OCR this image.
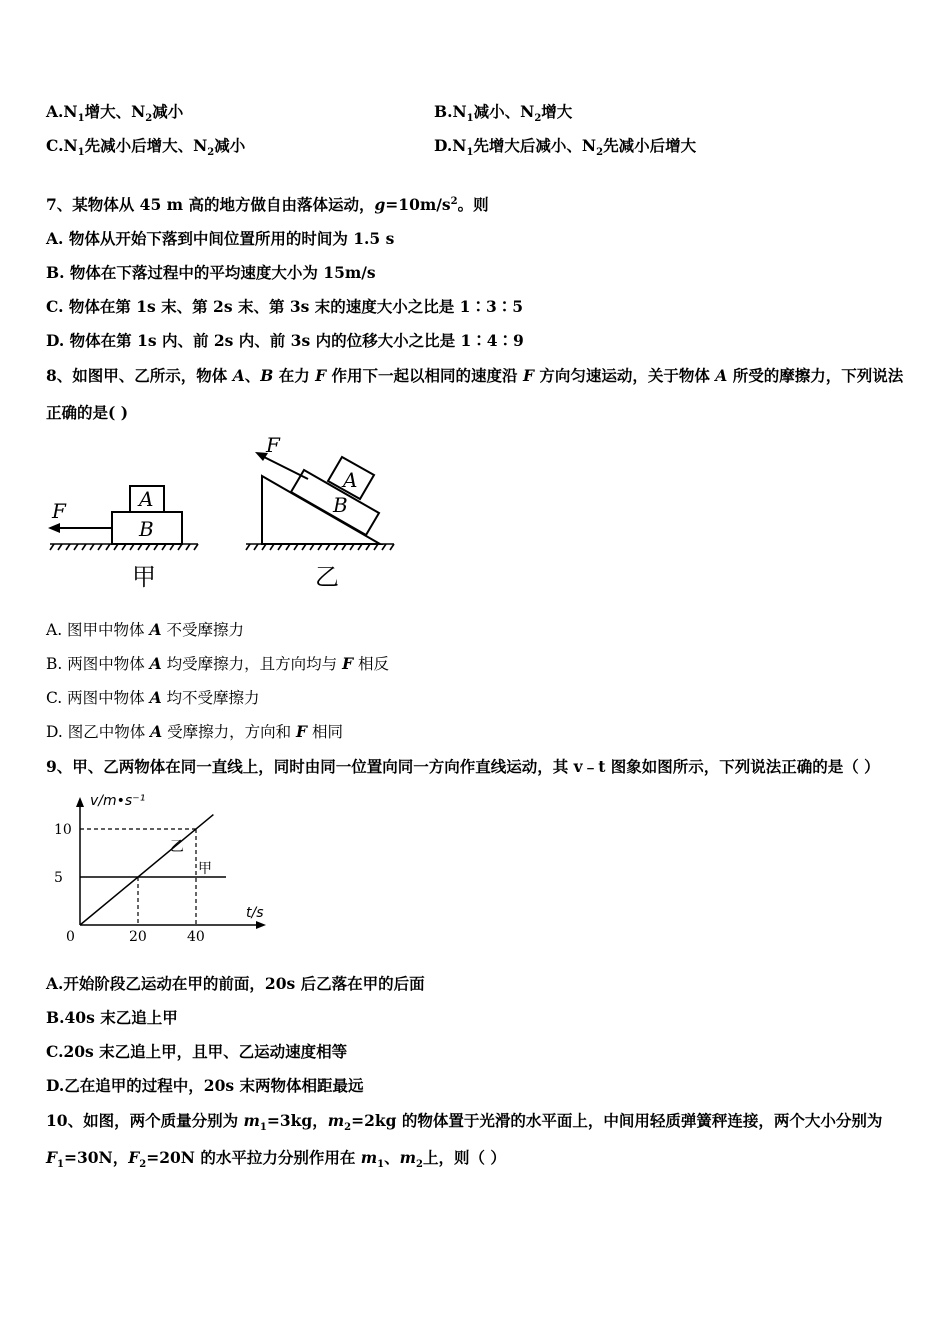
$A.N_1$增大、$N_2$减小	$B.N_1$减小、$N_2$增大
$C.N_1$先减小后增大、$N_2$减小	$D.N_1$先增大后减小、$N_2$先减小后增大
7、某物体从 45 m 高的地方做自由落体运动，$g=10m/s^2$。则
A. 物体从开始下落到中间位置所用的时间为 1.5 s
B. 物体在下落过程中的平均速度大小为 15m/s
C. 物体在第 1s 末、第 2s 末、第 3s 末的速度大小之比是 1∶3∶5
D. 物体在第 1s 内、前 2s 内、前 3s 内的位移大小之比是 1∶4∶9
8、如图甲、乙所示，物体 A、B 在力 F 作用下一起以相同的速度沿 F 方向匀速运动，关于物体 A 所受的摩擦力，下列说法
正确的是( )
A
B
F
甲
A
B
F
乙
A. 图甲中物体 A 不受摩擦力
B. 两图中物体 A 均受摩擦力，且方向均与 F 相反
C. 两图中物体 A 均不受摩擦力
D. 图乙中物体 A 受摩擦力，方向和 F 相同
9、甲、乙两物体在同一直线上，同时由同一位置向同一方向作直线运动，其 v﹣t 图象如图所示，下列说法正确的是（ ）
v/m•s⁻¹
t/s
甲
乙
5
10
0	20	40
A.开始阶段乙运动在甲的前面，20s 后乙落在甲的后面
B.40s 末乙追上甲
C.20s 末乙追上甲，且甲、乙运动速度相等
D.乙在追甲的过程中，20s 末两物体相距最远
10、如图，两个质量分别为 $m_1=3kg$，$m_2=2kg$ 的物体置于光滑的水平面上，中间用轻质弹簧秤连接，两个大小分别为
$F_1=30N$，$F_2=20N$ 的水平拉力分别作用在 $m_1$、$m_2$上，则（ ）
